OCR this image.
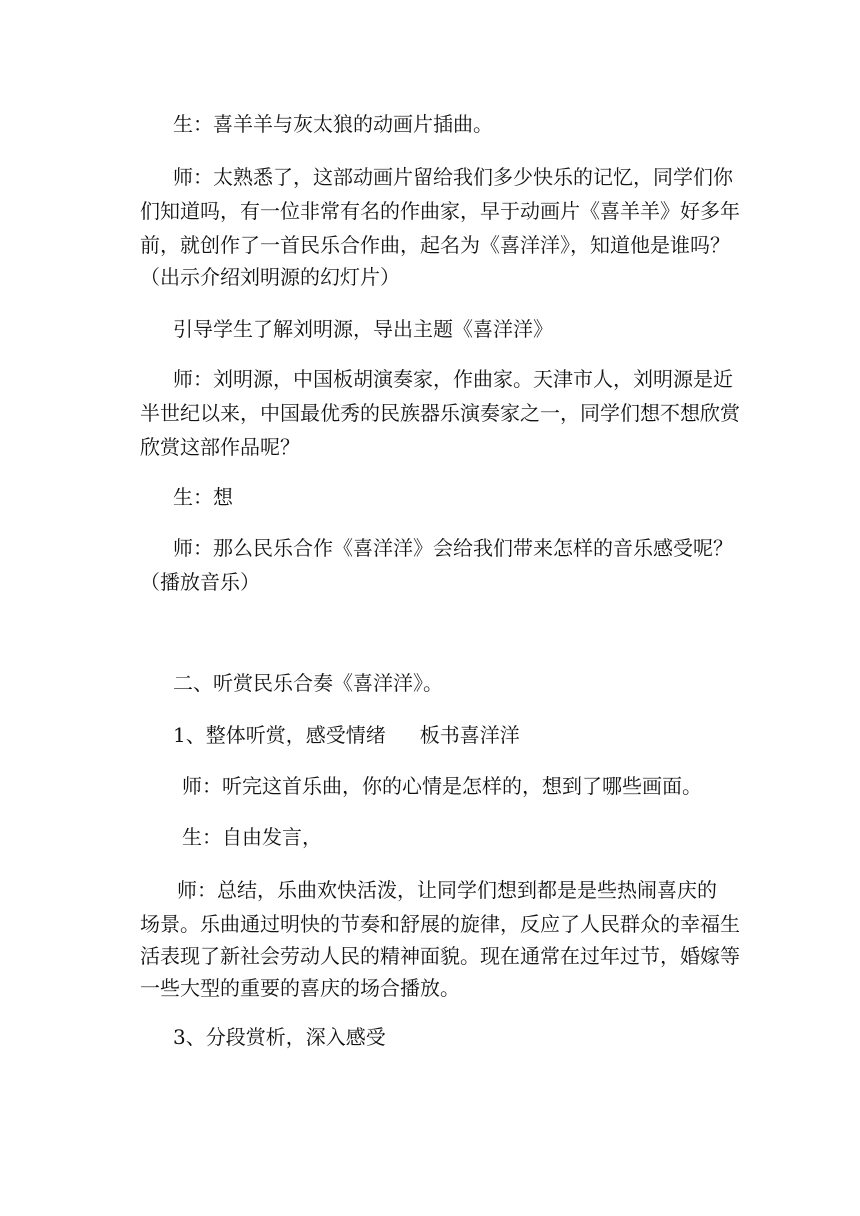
生：喜羊羊与灰太狼的动画片插曲。
师：太熟悉了，这部动画片留给我们多少快乐的记忆，同学们你
们知道吗，有一位非常有名的作曲家，早于动画片《喜羊羊》好多年
前，就创作了一首民乐合作曲，起名为《喜洋洋》，知道他是谁吗？
（出示介绍刘明源的幻灯片）
引导学生了解刘明源，导出主题《喜洋洋》
师：刘明源，中国板胡演奏家，作曲家。天津市人，刘明源是近
半世纪以来，中国最优秀的民族器乐演奏家之一，同学们想不想欣赏
欣赏这部作品呢？
生：想
师：那么民乐合作《喜洋洋》会给我们带来怎样的音乐感受呢？
（播放音乐）
二、听赏民乐合奏《喜洋洋》。
1、整体听赏，感受情绪 板书喜洋洋
师：听完这首乐曲，你的心情是怎样的，想到了哪些画面。
生：自由发言，
师：总结，乐曲欢快活泼，让同学们想到都是是些热闹喜庆的
场景。乐曲通过明快的节奏和舒展的旋律，反应了人民群众的幸福生
活表现了新社会劳动人民的精神面貌。现在通常在过年过节，婚嫁等
一些大型的重要的喜庆的场合播放。
3、分段赏析，深入感受
